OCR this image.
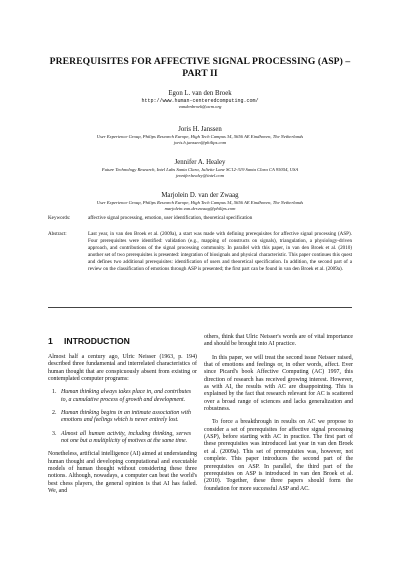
PREREQUISITES FOR AFFECTIVE SIGNAL PROCESSING (ASP) – PART II
Egon L. van den Broek
http://www.human-centeredcomputing.com/
vandenbroek@acm.org
Joris H. Janssen
User Experience Group, Philips Research Europe, High Tech Campus 34, 5656 AE Eindhoven, The Netherlands
joris.h.janssen@philips.com
Jennifer A. Healey
Future Technology Research, Intel Labs Santa Clara, Juliette Lane SC12-319 Santa Clara CA 95054, USA
jennifer.healey@intel.com
Marjolein D. van der Zwaag
User Experience Group, Philips Research Europe, High Tech Campus 34, 5656 AE Eindhoven, The Netherlands
marjolein.van.der.zwaag@philips.com
Keywords:	affective signal processing, emotion, user identification, theoretical specification
Abstract:	Last year, in van den Broek et al. (2009a), a start was made with defining prerequisites for affective signal processing (ASP). Four prerequisites were identified: validation (e.g., mapping of constructs on signals), triangulation, a physiology-driven approach, and contributions of the signal processing community. In parallel with this paper, in van den Broek et al. (2010) another set of two prerequisites is presented: integration of biosignals and physical characteristic. This paper continues this quest and defines two additional prerequisites: identification of users and theoretical specification. In addition, the second part of a review on the classification of emotions through ASP is presented; the first part can be found in van den Broek et al. (2009a).
1 INTRODUCTION

Almost half a century ago, Ulric Neisser (1963, p. 194) described three fundamental and interrelated characteristics of human thought that are conspicuously absent from existing or contemplated computer programs:

1. Human thinking always takes place in, and contributes to, a cumulative process of growth and development.
2. Human thinking begins in an intimate association with emotions and feelings which is never entirely lost.
3. Almost all human activity, including thinking, serves not one but a multiplicity of motives at the same time.

Nonetheless, artificial intelligence (AI) aimed at understanding human thought and developing computational and executable models of human thought without considering these three notions. Although, nowadays, a computer can beat the world's best chess players, the general opinion is that AI has failed. We, and

others, think that Ulric Neisser's words are of vital importance and should be brought into AI practice.

In this paper, we will treat the second issue Neisser raised, that of emotions and feelings or, in other words, affect. Ever since Picard's book Affective Computing (AC) 1997, this direction of research has received growing interest. However, as with AI, the results with AC are disappointing. This is explained by the fact that research relevant for AC is scattered over a broad range of sciences and lacks generalization and robustness.

To force a breakthrough in results on AC we propose to consider a set of prerequisites for affective signal processing (ASP), before starting with AC in practice. The first part of these prerequisites was introduced last year in van den Broek et al. (2009a). This set of prerequisites was, however, not complete. This paper introduces the second part of the prerequisites on ASP. In parallel, the third part of the prerequisites on ASP is introduced in van den Broek et al. (2010). Together, these three papers should form the foundation for more successful ASP and AC.
